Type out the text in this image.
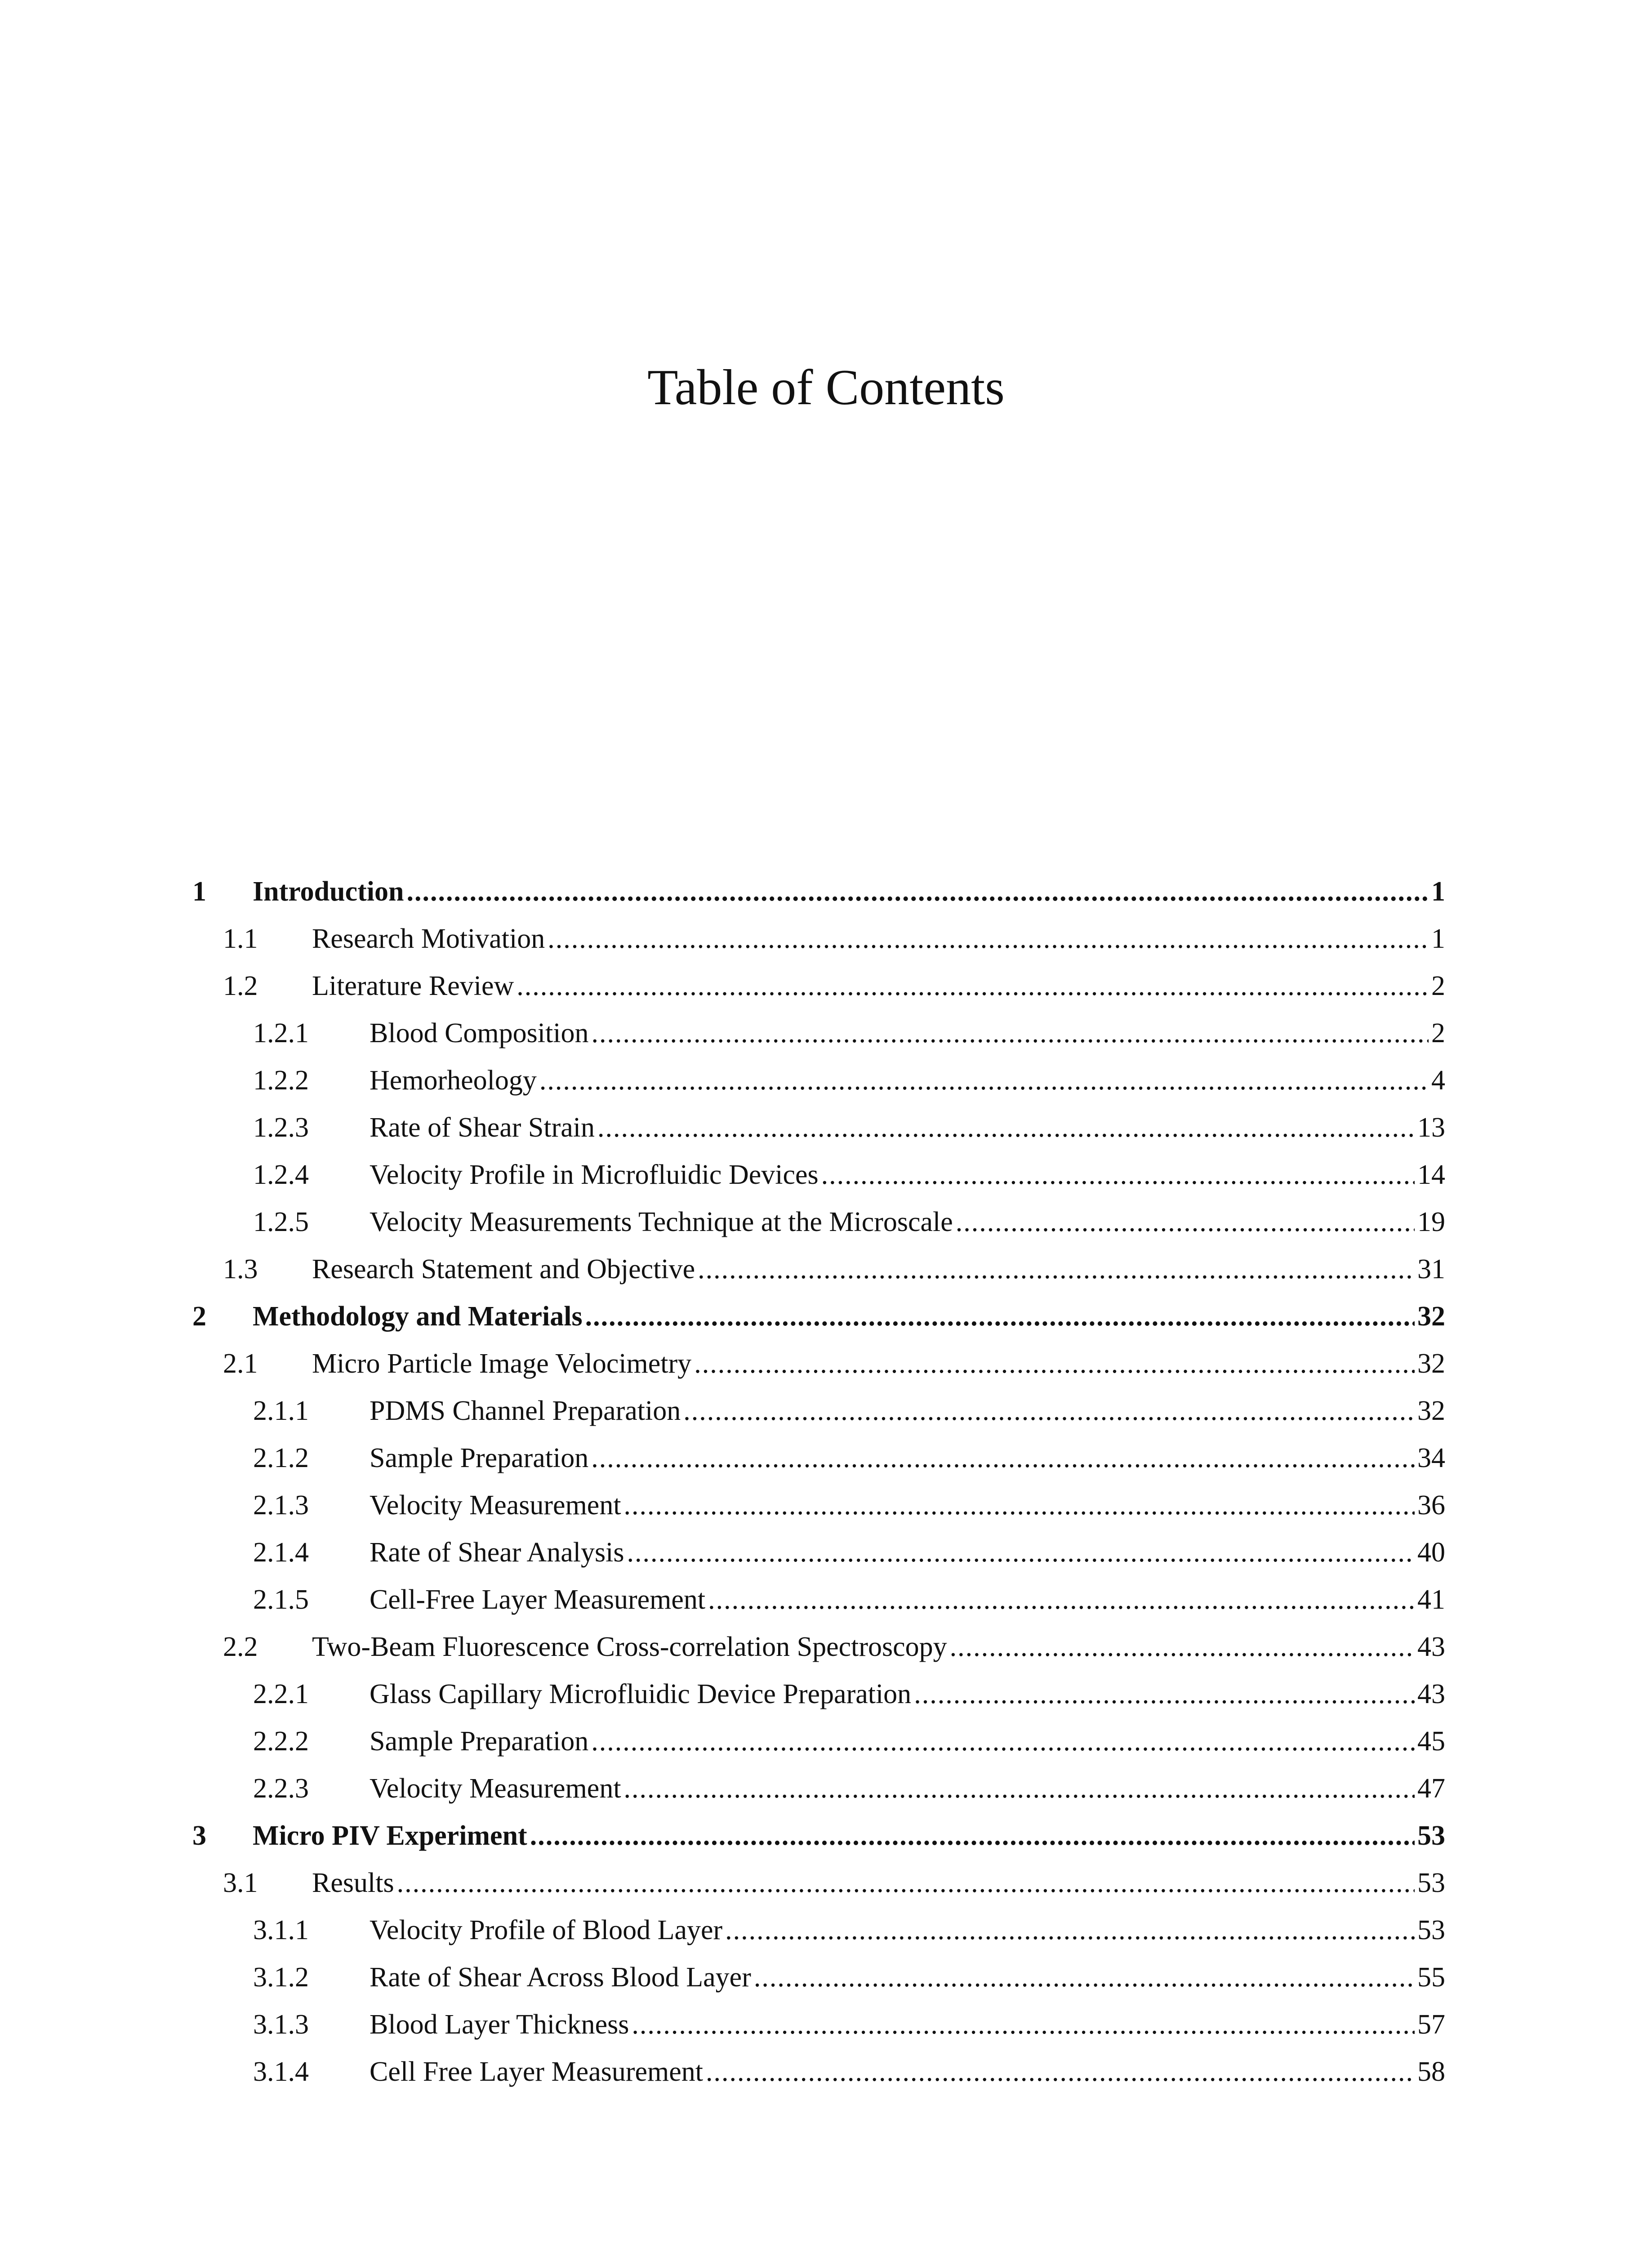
Table of Contents
1	Introduction .....	1
1.1	Research Motivation .....	1
1.2	Literature Review .....	2
1.2.1	Blood Composition .....	2
1.2.2	Hemorheology .....	4
1.2.3	Rate of Shear Strain .....	13
1.2.4	Velocity Profile in Microfluidic Devices .....	14
1.2.5	Velocity Measurements Technique at the Microscale .....	19
1.3	Research Statement and Objective .....	31
2	Methodology and Materials .....	32
2.1	Micro Particle Image Velocimetry .....	32
2.1.1	PDMS Channel Preparation .....	32
2.1.2	Sample Preparation .....	34
2.1.3	Velocity Measurement .....	36
2.1.4	Rate of Shear Analysis .....	40
2.1.5	Cell-Free Layer Measurement .....	41
2.2	Two-Beam Fluorescence Cross-correlation Spectroscopy .....	43
2.2.1	Glass Capillary Microfluidic Device Preparation .....	43
2.2.2	Sample Preparation .....	45
2.2.3	Velocity Measurement .....	47
3	Micro PIV Experiment .....	53
3.1	Results .....	53
3.1.1	Velocity Profile of Blood Layer .....	53
3.1.2	Rate of Shear Across Blood Layer .....	55
3.1.3	Blood Layer Thickness .....	57
3.1.4	Cell Free Layer Measurement .....	58
